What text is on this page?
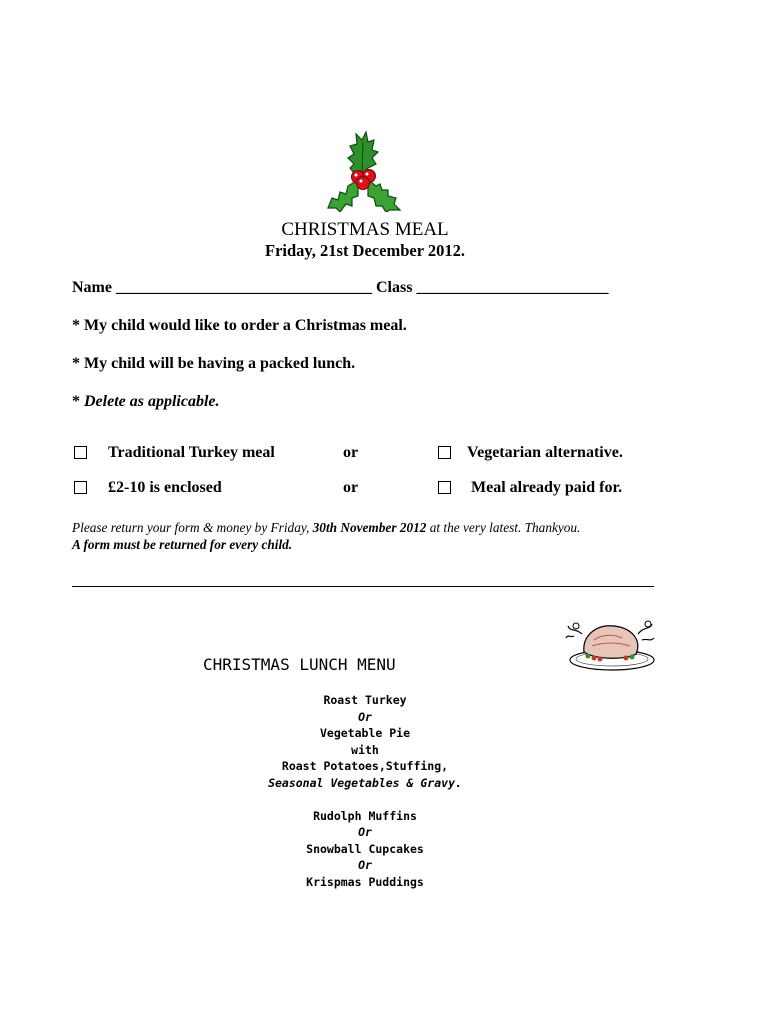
CHRISTMAS MEAL
Friday, 21st December 2012.
Name ________________________________ Class ________________________
* My child would like to order a Christmas meal.
* My child will be having a packed lunch.
* Delete as applicable.
Traditional Turkey meal	or	Vegetarian alternative.
£2-10 is enclosed	or	Meal already paid for.
Please return your form & money by Friday, 30th November 2012 at the very latest. Thankyou.
A form must be returned for every child.
CHRISTMAS LUNCH MENU
Roast Turkey
Or
Vegetable Pie
with
Roast Potatoes,Stuffing,
Seasonal Vegetables & Gravy.
Rudolph Muffins
Or
Snowball Cupcakes
Or
Krispmas Puddings
